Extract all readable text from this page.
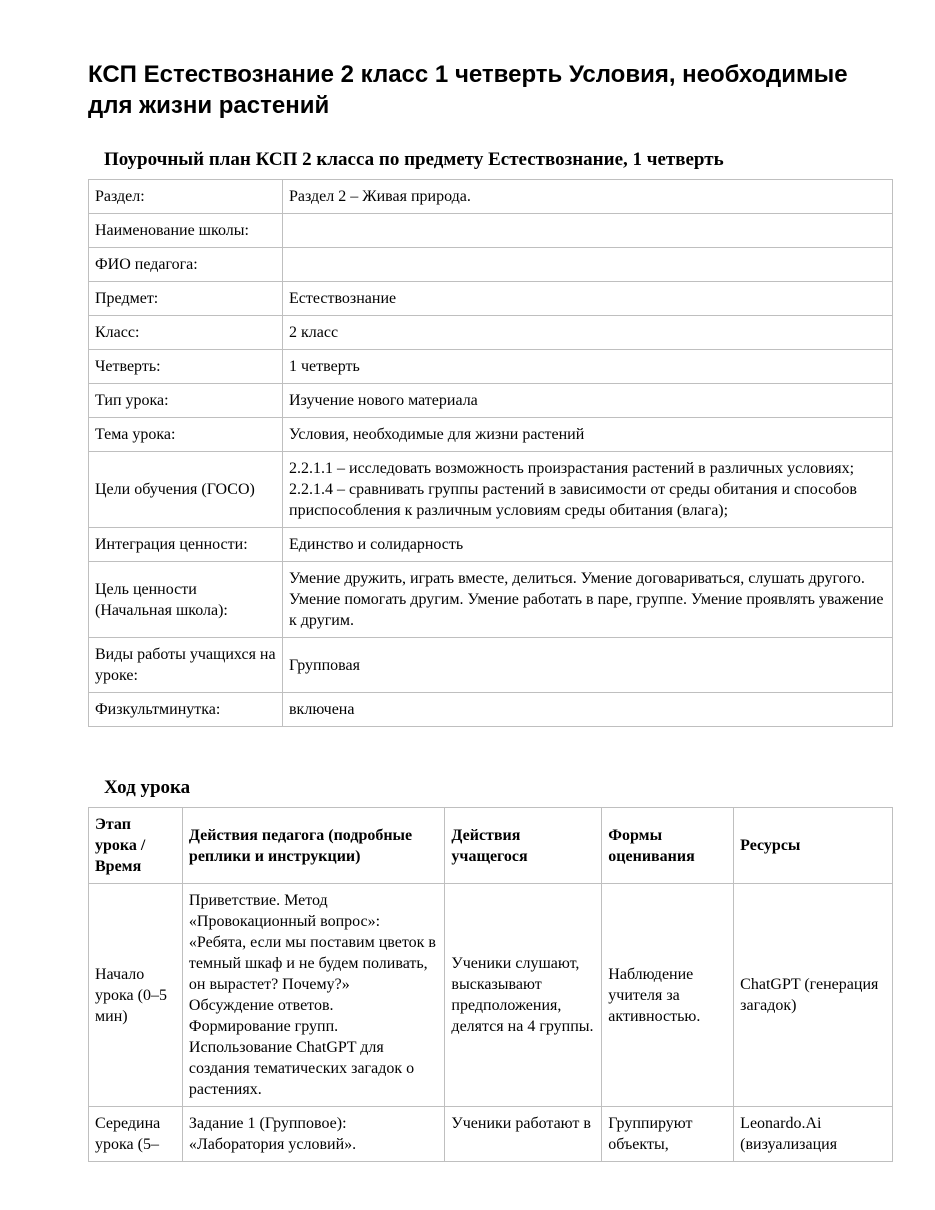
КСП Естествознание 2 класс 1 четверть Условия, необходимые для жизни растений
Поурочный план КСП 2 класса по предмету Естествознание, 1 четверть
Раздел:	Раздел 2 – Живая природа.
Наименование школы:	
ФИО педагога:	
Предмет:	Естествознание
Класс:	2 класс
Четверть:	1 четверть
Тип урока:	Изучение нового материала
Тема урока:	Условия, необходимые для жизни растений
Цели обучения (ГОСО)	2.2.1.1 – исследовать возможность произрастания растений в различных условиях; 2.2.1.4 – сравнивать группы растений в зависимости от среды обитания и способов приспособления к различным условиям среды обитания (влага);
Интеграция ценности:	Единство и солидарность
Цель ценности (Начальная школа):	Умение дружить, играть вместе, делиться. Умение договариваться, слушать другого. Умение помогать другим. Умение работать в паре, группе. Умение проявлять уважение к другим.
Виды работы учащихся на уроке:	Групповая
Физкультминутка:	включена
Ход урока
Этап урока / Время	Действия педагога (подробные реплики и инструкции)	Действия учащегося	Формы оценивания	Ресурсы
Начало урока (0–5 мин)	Приветствие. Метод «Провокационный вопрос»: «Ребята, если мы поставим цветок в темный шкаф и не будем поливать, он вырастет? Почему?» Обсуждение ответов. Формирование групп. Использование ChatGPT для создания тематических загадок о растениях.	Ученики слушают, высказывают предположения, делятся на 4 группы.	Наблюдение учителя за активностью.	ChatGPT (генерация загадок)

Середина урока (5–	Задание 1 (Групповое): «Лаборатория условий».	Ученики работают в	Группируют объекты,	Leonardo.Ai (визуализация
